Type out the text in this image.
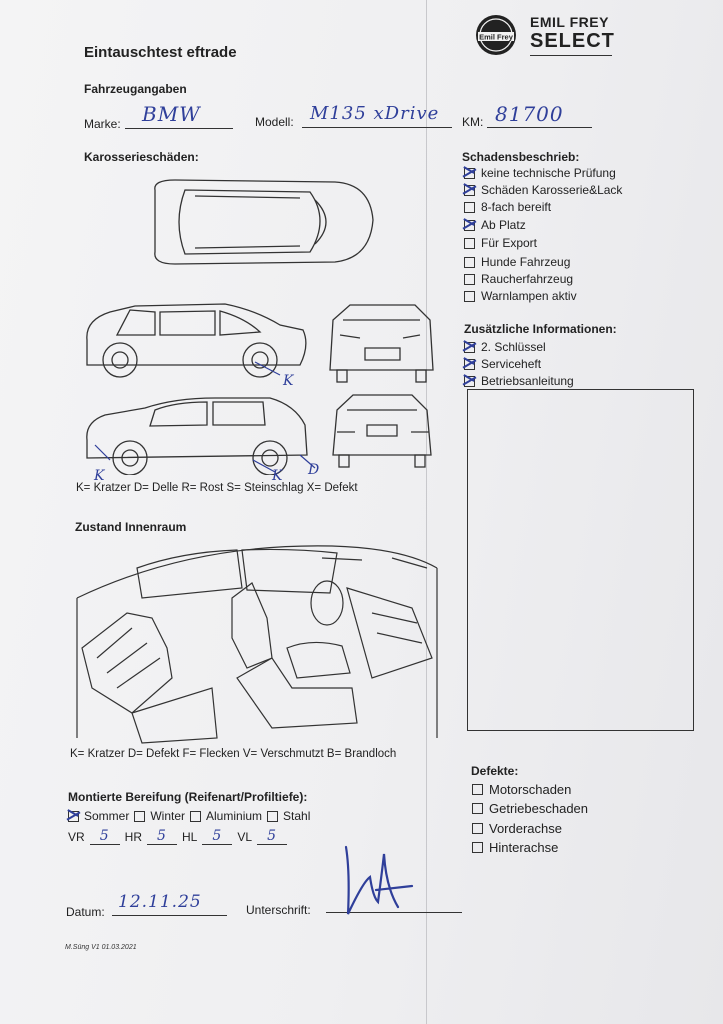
Emil Frey
EMIL FREY
SELECT
Eintauschtest eftrade
Fahrzeugangaben
Marke: BMW	Modell: M135 xDrive KM: 81700
Karosserieschäden:
K
K	K D
K= Kratzer D= Delle R= Rost S= Steinschlag X= Defekt
Schadensbeschrieb:
keine technische Prüfung
Schäden Karosserie&Lack
8-fach bereift
Ab Platz
Für Export
Hunde Fahrzeug
Raucherfahrzeug
Warnlampen aktiv
Zusätzliche Informationen:
2. Schlüssel
Serviceheft
Betriebsanleitung
Zustand Innenraum
K= Kratzer D= Defekt F= Flecken V= Verschmutzt B= Brandloch
Defekte:
Motorschaden
Getriebeschaden
Vorderachse
Hinterachse
Montierte Bereifung (Reifenart/Profiltiefe):
Sommer Winter Aluminium Stahl
VR	5	HR	5	HL	5	VL	5
Datum: 12.11.25	Unterschrift:
M.Süng V1 01.03.2021
